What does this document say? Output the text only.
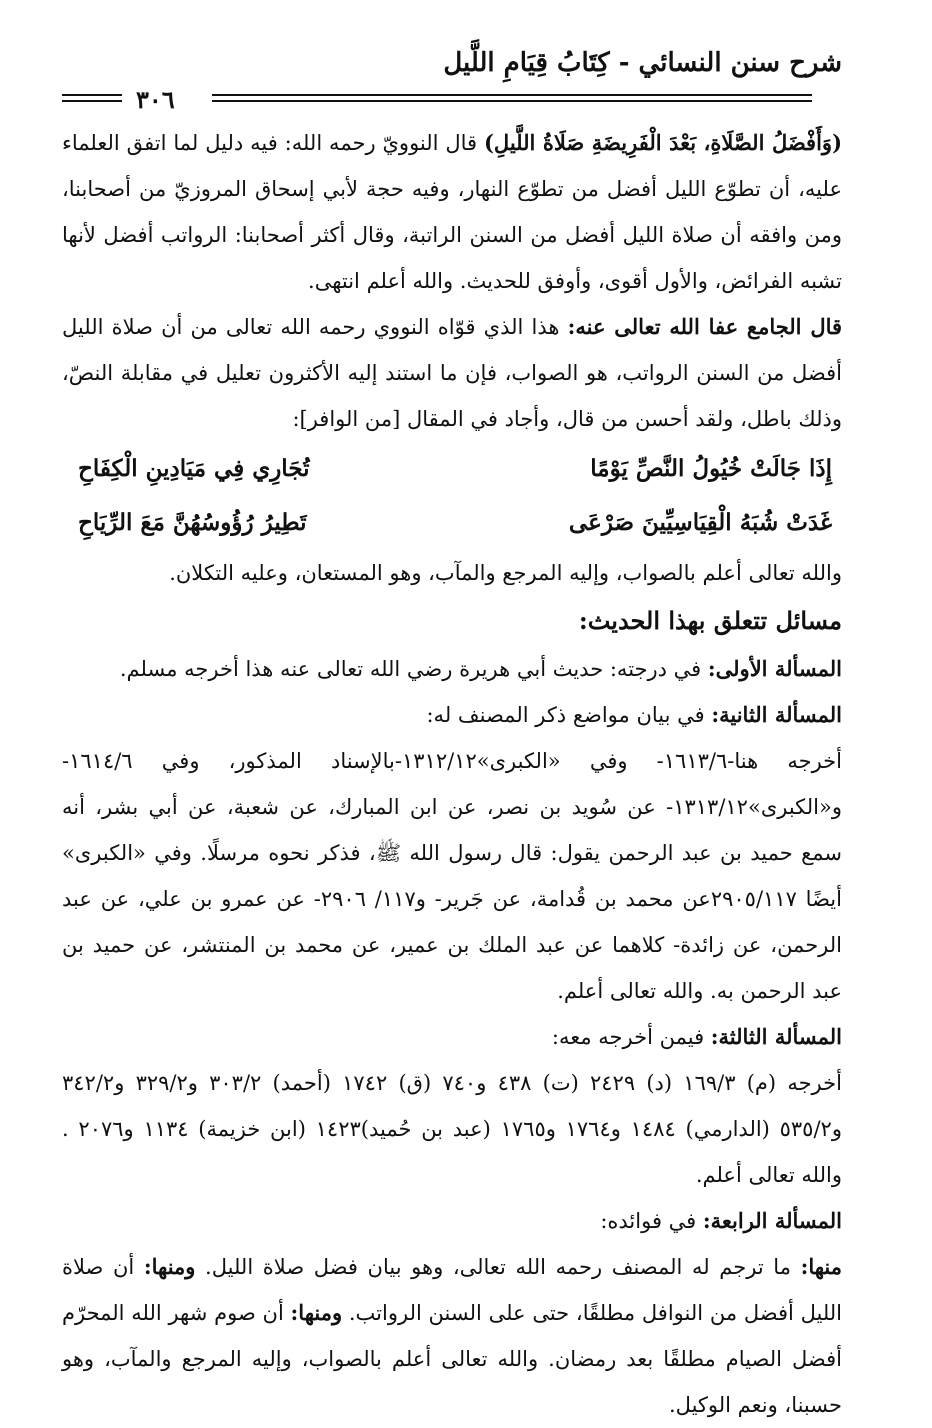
شرح سنن النسائي - كِتَابُ قِيَامِ اللَّيل
٣٠٦

(وَأَفْضَلُ الصَّلَاةِ، بَعْدَ الْفَرِيضَةِ صَلَاةُ اللَّيلِ) قال النوويّ رحمه الله: فيه دليل لما اتفق العلماء عليه، أن تطوّع الليل أفضل من تطوّع النهار، وفيه حجة لأبي إسحاق المروزيّ من أصحابنا، ومن وافقه أن صلاة الليل أفضل من السنن الراتبة، وقال أكثر أصحابنا: الرواتب أفضل لأنها تشبه الفرائض، والأول أقوى، وأوفق للحديث. والله أعلم انتهى.

قال الجامع عفا الله تعالى عنه: هذا الذي قوّاه النووي رحمه الله تعالى من أن صلاة الليل أفضل من السنن الرواتب، هو الصواب، فإن ما استند إليه الأكثرون تعليل في مقابلة النصّ، وذلك باطل، ولقد أحسن من قال، وأجاد في المقال [من الوافر]:

إِذَا جَالَتْ خُيُولُ النَّصِّ يَوْمًا
تُجَارِي فِي مَيَادِينِ الْكِفَاحِ
غَدَتْ شُبَهُ الْقِيَاسِيِّينَ صَرْعَى
تَطِيرُ رُؤُوسُهُنَّ مَعَ الرِّيَاحِ

والله تعالى أعلم بالصواب، وإليه المرجع والمآب، وهو المستعان، وعليه التكلان.

مسائل تتعلق بهذا الحديث:

المسألة الأولى: في درجته: حديث أبي هريرة رضي الله تعالى عنه هذا أخرجه مسلم.

المسألة الثانية: في بيان مواضع ذكر المصنف له:

أخرجه هنا-١٦١٣/٦- وفي «الكبرى»١٣١٢/١٢-بالإسناد المذكور، وفي ١٦١٤/٦- و«الكبرى»١٣١٣/١٢- عن سُويد بن نصر، عن ابن المبارك، عن شعبة، عن أبي بشر، أنه سمع حميد بن عبد الرحمن يقول: قال رسول الله ﷺ، فذكر نحوه مرسلًا. وفي «الكبرى» أيضًا ٢٩٠٥/١١٧عن محمد بن قُدامة، عن جَرير- و١١٧/ ٢٩٠٦- عن عمرو بن علي، عن عبد الرحمن، عن زائدة- كلاهما عن عبد الملك بن عمير، عن محمد بن المنتشر، عن حميد بن عبد الرحمن به. والله تعالى أعلم.

المسألة الثالثة: فيمن أخرجه معه:

أخرجه (م) ١٦٩/٣ (د) ٢٤٢٩ (ت) ٤٣٨ و٧٤٠ (ق) ١٧٤٢ (أحمد) ٣٠٣/٢ و٣٢٩/٢ و٣٤٢/٢ و٥٣٥/٢ (الدارمي) ١٤٨٤ و١٧٦٤ و١٧٦٥ (عبد بن حُميد)١٤٢٣ (ابن خزيمة) ١١٣٤ و٢٠٧٦ . والله تعالى أعلم.

المسألة الرابعة: في فوائده:

منها: ما ترجم له المصنف رحمه الله تعالى، وهو بيان فضل صلاة الليل. ومنها: أن صلاة الليل أفضل من النوافل مطلقًا، حتى على السنن الرواتب. ومنها: أن صوم شهر الله المحرّم أفضل الصيام مطلقًا بعد رمضان. والله تعالى أعلم بالصواب، وإليه المرجع والمآب، وهو حسبنا، ونعم الوكيل.
